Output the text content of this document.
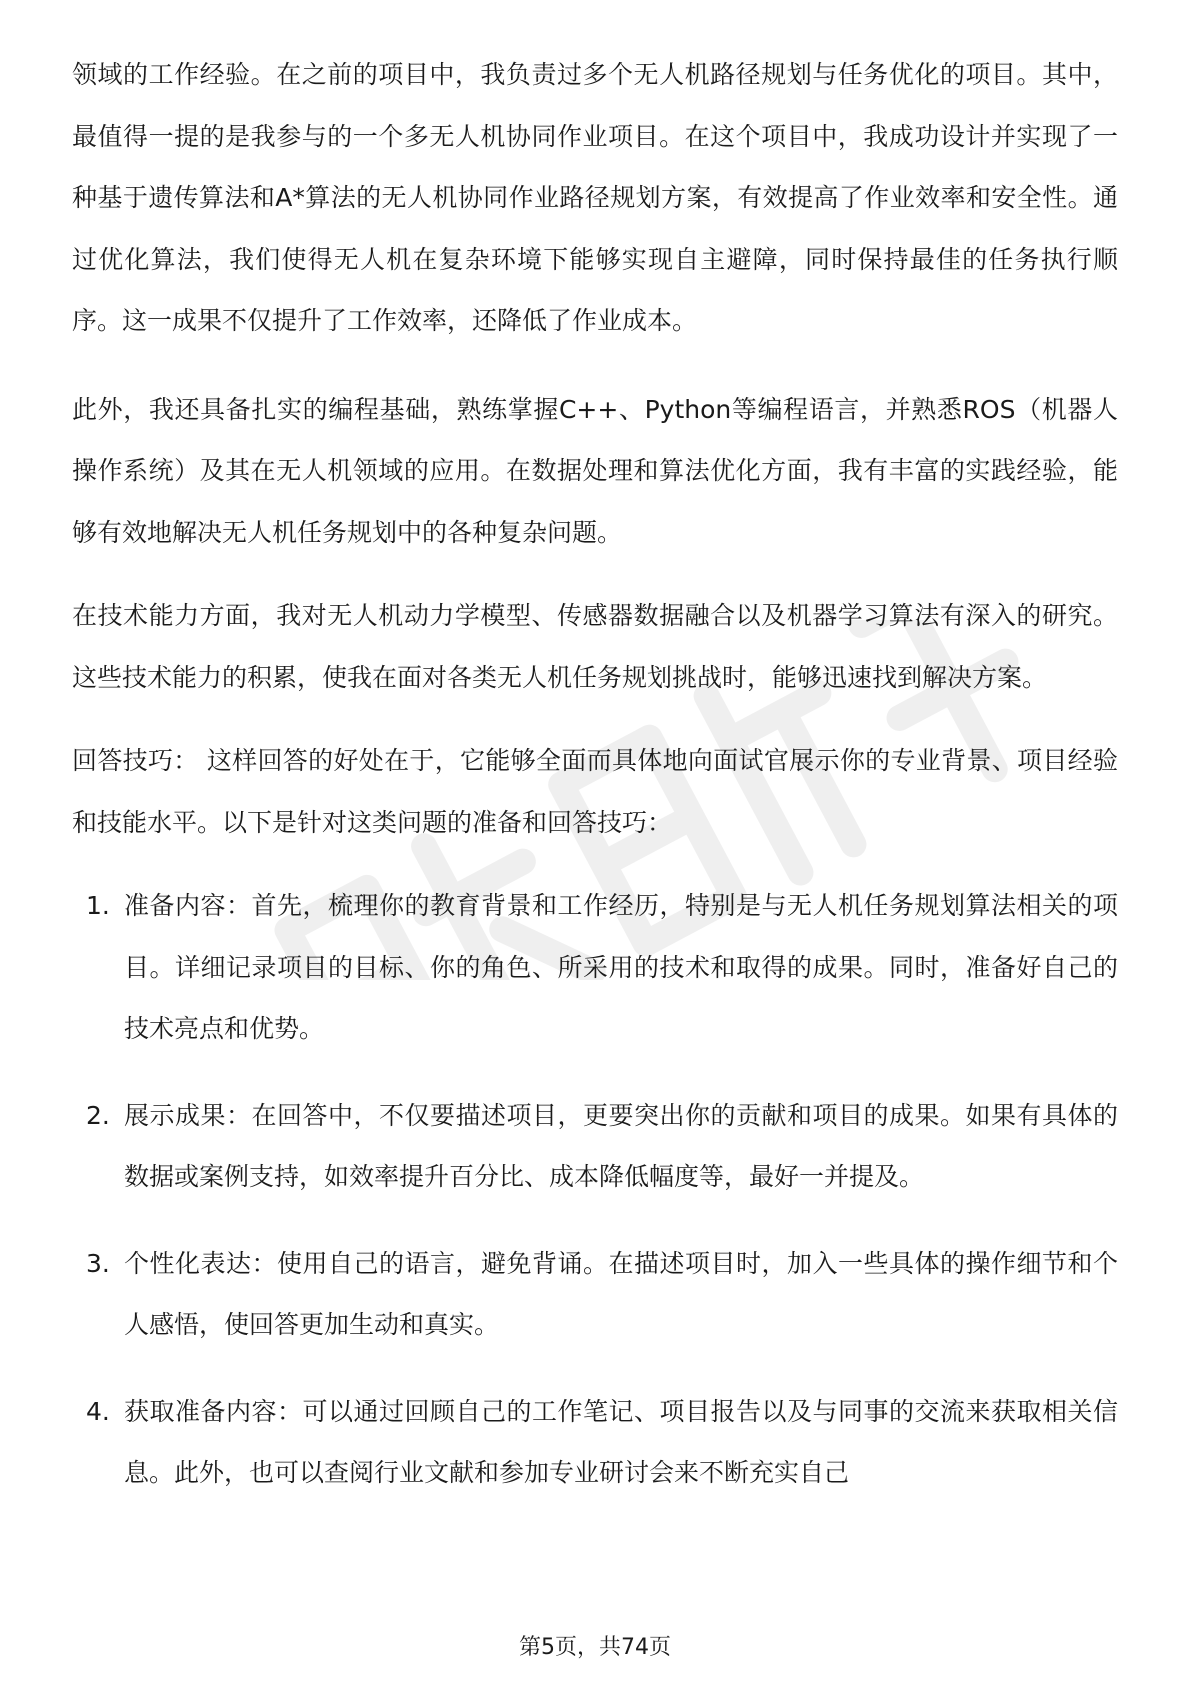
领域的工作经验。在之前的项目中，我负责过多个无人机路径规划与任务优化的项目。其中，最值得一提的是我参与的一个多无人机协同作业项目。在这个项目中，我成功设计并实现了一种基于遗传算法和A*算法的无人机协同作业路径规划方案，有效提高了作业效率和安全性。通过优化算法，我们使得无人机在复杂环境下能够实现自主避障，同时保持最佳的任务执行顺序。这一成果不仅提升了工作效率，还降低了作业成本。

此外，我还具备扎实的编程基础，熟练掌握C++、Python等编程语言，并熟悉ROS（机器人操作系统）及其在无人机领域的应用。在数据处理和算法优化方面，我有丰富的实践经验，能够有效地解决无人机任务规划中的各种复杂问题。

在技术能力方面，我对无人机动力学模型、传感器数据融合以及机器学习算法有深入的研究。这些技术能力的积累，使我在面对各类无人机任务规划挑战时，能够迅速找到解决方案。

回答技巧： 这样回答的好处在于，它能够全面而具体地向面试官展示你的专业背景、项目经验和技能水平。以下是针对这类问题的准备和回答技巧：

1. 准备内容：首先，梳理你的教育背景和工作经历，特别是与无人机任务规划算法相关的项目。详细记录项目的目标、你的角色、所采用的技术和取得的成果。同时，准备好自己的技术亮点和优势。
2. 展示成果：在回答中，不仅要描述项目，更要突出你的贡献和项目的成果。如果有具体的数据或案例支持，如效率提升百分比、成本降低幅度等，最好一并提及。
3. 个性化表达：使用自己的语言，避免背诵。在描述项目时，加入一些具体的操作细节和个人感悟，使回答更加生动和真实。
4. 获取准备内容：可以通过回顾自己的工作笔记、项目报告以及与同事的交流来获取相关信息。此外，也可以查阅行业文献和参加专业研讨会来不断充实自己
第5页，共74页
